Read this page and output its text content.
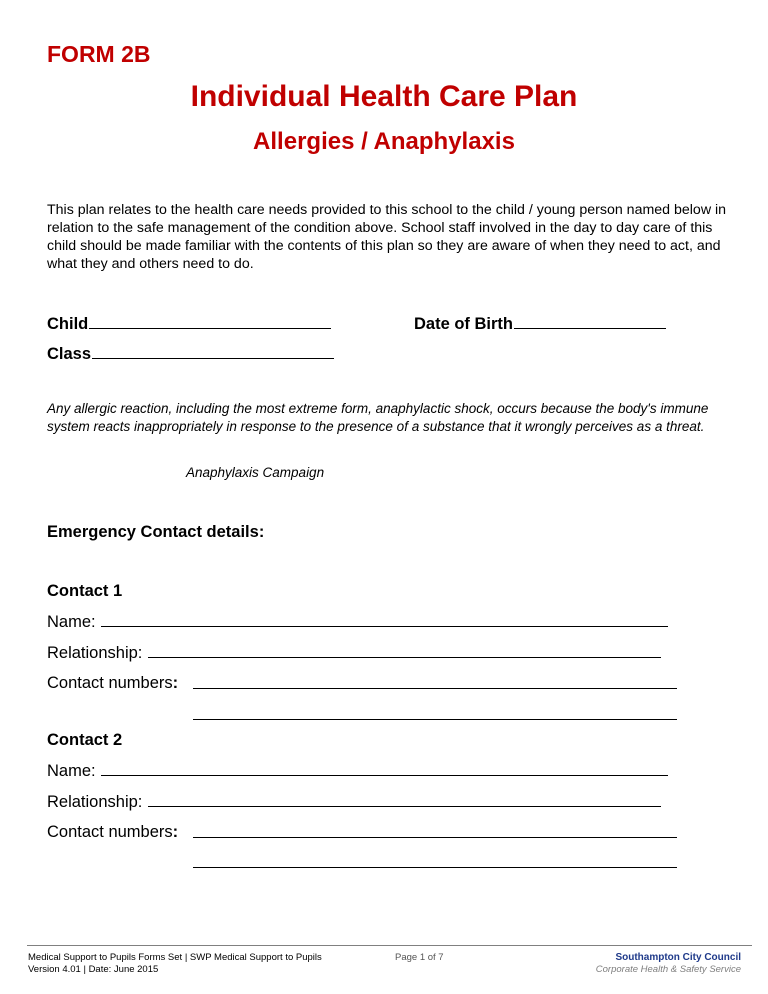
FORM 2B
Individual Health Care Plan
Allergies / Anaphylaxis
This plan relates to the health care needs provided to this school to the child / young person named below in relation to the safe management of the condition above. School staff involved in the day to day care of this child should be made familiar with the contents of this plan so they are aware of when they need to act, and what they and others need to do.
Child	Date of Birth
Class
Any allergic reaction, including the most extreme form, anaphylactic shock, occurs because the body's immune system reacts inappropriately in response to the presence of a substance that it wrongly perceives as a threat.
Anaphylaxis Campaign
Emergency Contact details:
Contact 1
Name:
Relationship:
Contact numbers:
Contact 2
Name:
Relationship:
Contact numbers:
Medical Support to Pupils Forms Set | SWP Medical Support to Pupils
Version 4.01 | Date: June 2015
Page 1 of 7	Southampton City Council
Corporate Health & Safety Service
